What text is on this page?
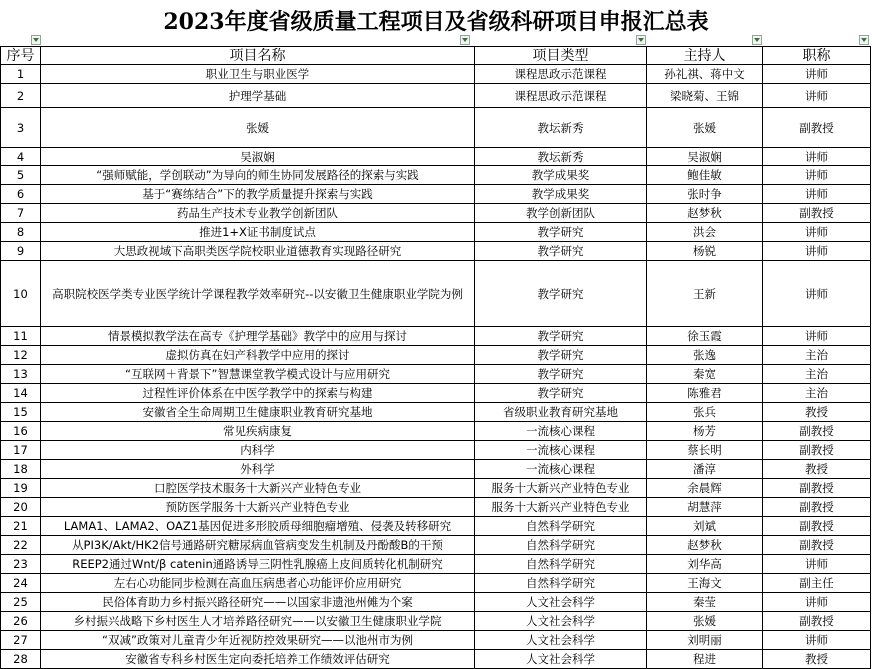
2023年度省级质量工程项目及省级科研项目申报汇总表
序号	项目名称	项目类型	主持人	职称
1	职业卫生与职业医学	课程思政示范课程	孙礼祺、蒋中文	讲师
2	护理学基础	课程思政示范课程	梁晓菊、王锦	讲师
3	张媛	教坛新秀	张媛	副教授
4	吴淑娴	教坛新秀	吴淑娴	讲师
5	“强师赋能，学创联动”为导向的师生协同发展路径的探索与实践	教学成果奖	鲍佳敏	讲师
6	基于“赛练结合”下的教学质量提升探索与实践	教学成果奖	张时争	讲师
7	药品生产技术专业教学创新团队	教学创新团队	赵梦秋	副教授
8	推进1+X证书制度试点	教学研究	洪会	讲师
9	大思政视域下高职类医学院校职业道德教育实现路径研究	教学研究	杨锐	讲师
10	高职院校医学类专业医学统计学课程教学效率研究--以安徽卫生健康职业学院为例	教学研究	王新	讲师
11	情景模拟教学法在高专《护理学基础》教学中的应用与探讨	教学研究	徐玉霞	讲师
12	虚拟仿真在妇产科教学中应用的探讨	教学研究	张逸	主治
13	“互联网＋背景下”智慧课堂教学模式设计与应用研究	教学研究	秦宽	主治
14	过程性评价体系在中医学教学中的探索与构建	教学研究	陈雅君	主治
15	安徽省全生命周期卫生健康职业教育研究基地	省级职业教育研究基地	张兵	教授
16	常见疾病康复	一流核心课程	杨芳	副教授
17	内科学	一流核心课程	蔡长明	副教授
18	外科学	一流核心课程	潘淳	教授
19	口腔医学技术服务十大新兴产业特色专业	服务十大新兴产业特色专业	余晨辉	副教授
20	预防医学服务十大新兴产业特色专业	服务十大新兴产业特色专业	胡慧萍	副教授
21	LAMA1、LAMA2、OAZ1基因促进多形胶质母细胞瘤增殖、侵袭及转移研究	自然科学研究	刘斌	副教授
22	从PI3K/Akt/HK2信号通路研究糖尿病血管病变发生机制及丹酚酸B的干预	自然科学研究	赵梦秋	副教授
23	REEP2通过Wnt/β catenin通路诱导三阴性乳腺癌上皮间质转化机制研究	自然科学研究	刘华高	讲师
24	左右心功能同步检测在高血压病患者心功能评价应用研究	自然科学研究	王海文	副主任
25	民俗体育助力乡村振兴路径研究——以国家非遗池州傩为个案	人文社会科学	秦莹	讲师
26	乡村振兴战略下乡村医生人才培养路径研究——以安徽卫生健康职业学院	人文社会科学	张媛	副教授
27	“双减”政策对儿童青少年近视防控效果研究——以池州市为例	人文社会科学	刘明丽	讲师
28	安徽省专科乡村医生定向委托培养工作绩效评估研究	人文社会科学	程进	教授
